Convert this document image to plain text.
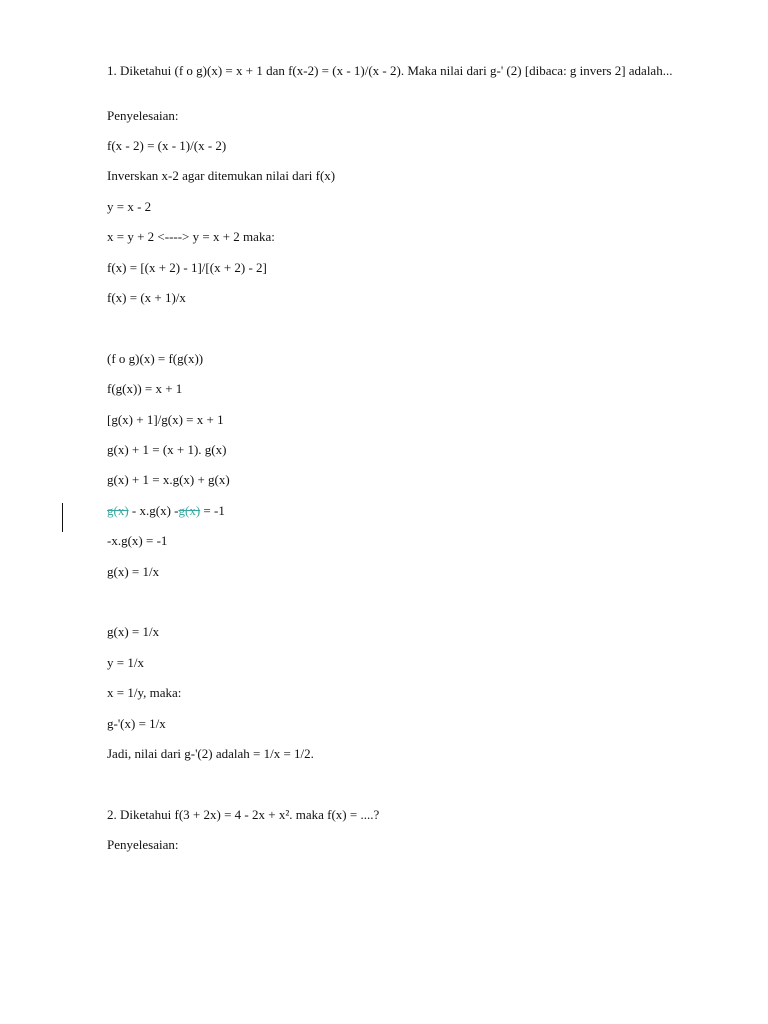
1. Diketahui (f o g)(x) = x + 1 dan f(x-2) = (x - 1)/(x - 2). Maka nilai dari g-' (2) [dibaca: g invers 2] adalah...
Penyelesaian:
f(x - 2) = (x - 1)/(x - 2)
Inverskan x-2 agar ditemukan nilai dari f(x)
y = x - 2
x = y + 2 <----> y = x + 2 maka:
f(x) = [(x + 2) - 1]/[(x + 2) - 2]
f(x) = (x + 1)/x
(f o g)(x) = f(g(x))
f(g(x)) = x + 1
[g(x) + 1]/g(x) = x + 1
g(x) + 1 = (x + 1). g(x)
g(x) + 1 = x.g(x) + g(x)
g(x) - x.g(x) -g(x) = -1
-x.g(x) = -1
g(x) = 1/x
g(x) = 1/x
y = 1/x
x = 1/y, maka:
g-'(x) = 1/x
Jadi, nilai dari g-'(2) adalah = 1/x = 1/2.
2. Diketahui f(3 + 2x) = 4 - 2x + x². maka f(x) = ....?
Penyelesaian:
